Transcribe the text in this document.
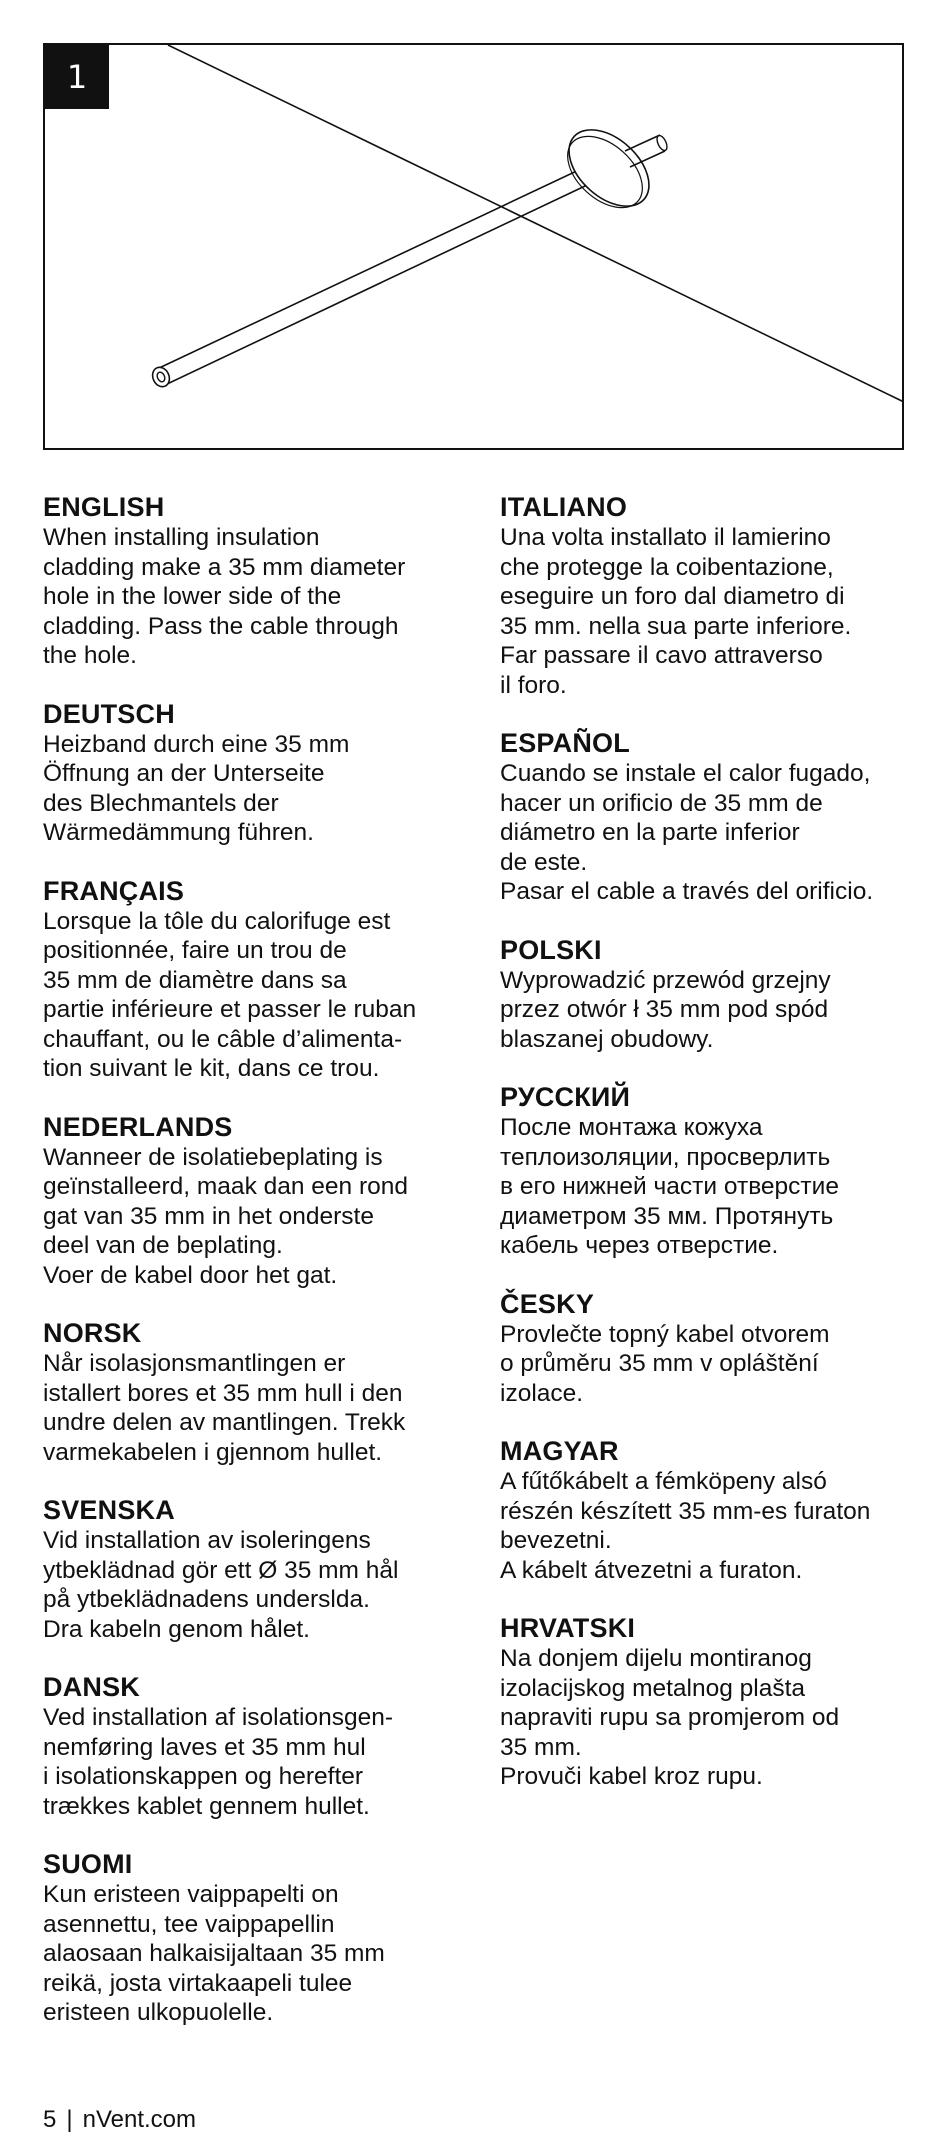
1
ENGLISH

When installing insulation
cladding make a 35 mm diameter
hole in the lower side of the
cladding. Pass the cable through
the hole.

DEUTSCH

Heizband durch eine 35 mm
Öffnung an der Unterseite
des Blechmantels der
Wärmedämmung führen.

FRANÇAIS

Lorsque la tôle du calorifuge est
positionnée, faire un trou de
35 mm de diamètre dans sa
partie inférieure et passer le ruban
chauffant, ou le câble d’alimenta-
tion suivant le kit, dans ce trou.

NEDERLANDS

Wanneer de isolatiebeplating is
geïnstalleerd, maak dan een rond
gat van 35 mm in het onderste
deel van de beplating.
Voer de kabel door het gat.

NORSK

Når isolasjonsmantlingen er
istallert bores et 35 mm hull i den
undre delen av mantlingen. Trekk
varmekabelen i gjennom hullet.

SVENSKA

Vid installation av isoleringens
ytbeklädnad gör ett Ø 35 mm hål
på ytbeklädnadens underslda.
Dra kabeln genom hålet.

DANSK

Ved installation af isolationsgen-
nemføring laves et 35 mm hul
i isolationskappen og herefter
trækkes kablet gennem hullet.

SUOMI

Kun eristeen vaippapelti on
asennettu, tee vaippapellin
alaosaan halkaisijaltaan 35 mm
reikä, josta virtakaapeli tulee
eristeen ulkopuolelle.

ITALIANO

Una volta installato il lamierino
che protegge la coibentazione,
eseguire un foro dal diametro di
35 mm. nella sua parte inferiore.
Far passare il cavo attraverso
il foro.

ESPAÑOL

Cuando se instale el calor fugado,
hacer un orificio de 35 mm de
diámetro en la parte inferior
de este.
Pasar el cable a través del orificio.

POLSKI

Wyprowadzić przewód grzejny
przez otwór ł 35 mm pod spód
blaszanej obudowy.

РУССКИЙ

После монтажа кожуха
теплоизоляции, просверлить
в его нижней части отверстие
диаметром 35 мм. Протянуть
кабель через отверстие.

ČESKY

Provlečte topný kabel otvorem
o průměru 35 mm v opláštění
izolace.

MAGYAR

A fűtőkábelt a fémköpeny alsó
részén készített 35 mm-es furaton
bevezetni.
A kábelt átvezetni a furaton.

HRVATSKI

Na donjem dijelu montiranog
izolacijskog metalnog plašta
napraviti rupu sa promjerom od
35 mm.
Provuči kabel kroz rupu.

5 | nVent.com
